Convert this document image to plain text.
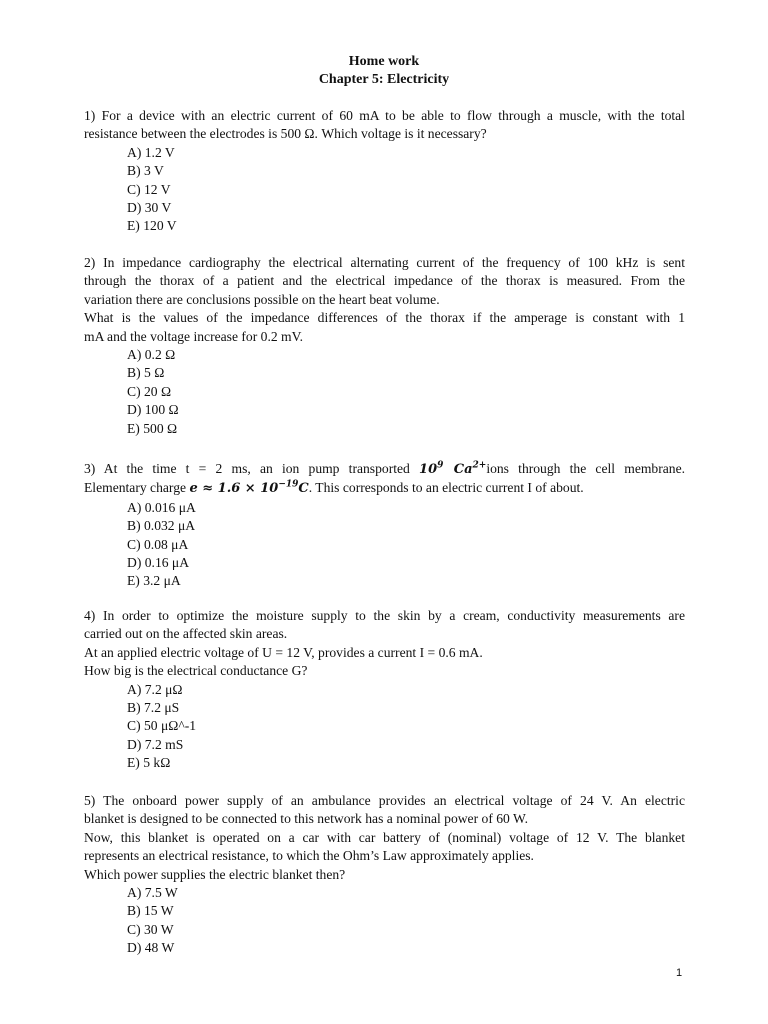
Home work
Chapter 5: Electricity
1) For a device with an electric current of 60 mA to be able to flow through a muscle, with the total
resistance between the electrodes is 500 Ω. Which voltage is it necessary?
A) 1.2 V
B) 3 V
C) 12 V
D) 30 V
E) 120 V
2) In impedance cardiography the electrical alternating current of the frequency of 100 kHz is sent
through the thorax of a patient and the electrical impedance of the thorax is measured. From the
variation there are conclusions possible on the heart beat volume.
What is the values of the impedance differences of the thorax if the amperage is constant with 1
mA and the voltage increase for 0.2 mV.
A) 0.2 Ω
B) 5 Ω
C) 20 Ω
D) 100 Ω
E) 500 Ω
3) At the time t = 2 ms, an ion pump transported $10^9$ $Ca^{2+}ions$ through the cell membrane.
Elementary charge $e \approx 1.6 \times 10^{-19}C$. This corresponds to an electric current I of about.
A) 0.016 μA
B) 0.032 μA
C) 0.08 μA
D) 0.16 μA
E) 3.2 μA
4) In order to optimize the moisture supply to the skin by a cream, conductivity measurements are
carried out on the affected skin areas.
At an applied electric voltage of U = 12 V, provides a current I = 0.6 mA.
How big is the electrical conductance G?
A) 7.2 μΩ
B) 7.2 μS
C) 50 μΩ^-1
D) 7.2 mS
E) 5 kΩ
5) The onboard power supply of an ambulance provides an electrical voltage of 24 V. An electric
blanket is designed to be connected to this network has a nominal power of 60 W.
Now, this blanket is operated on a car with car battery of (nominal) voltage of 12 V. The blanket
represents an electrical resistance, to which the Ohm’s Law approximately applies.
Which power supplies the electric blanket then?
A) 7.5 W
B) 15 W
C) 30 W
D) 48 W
1
